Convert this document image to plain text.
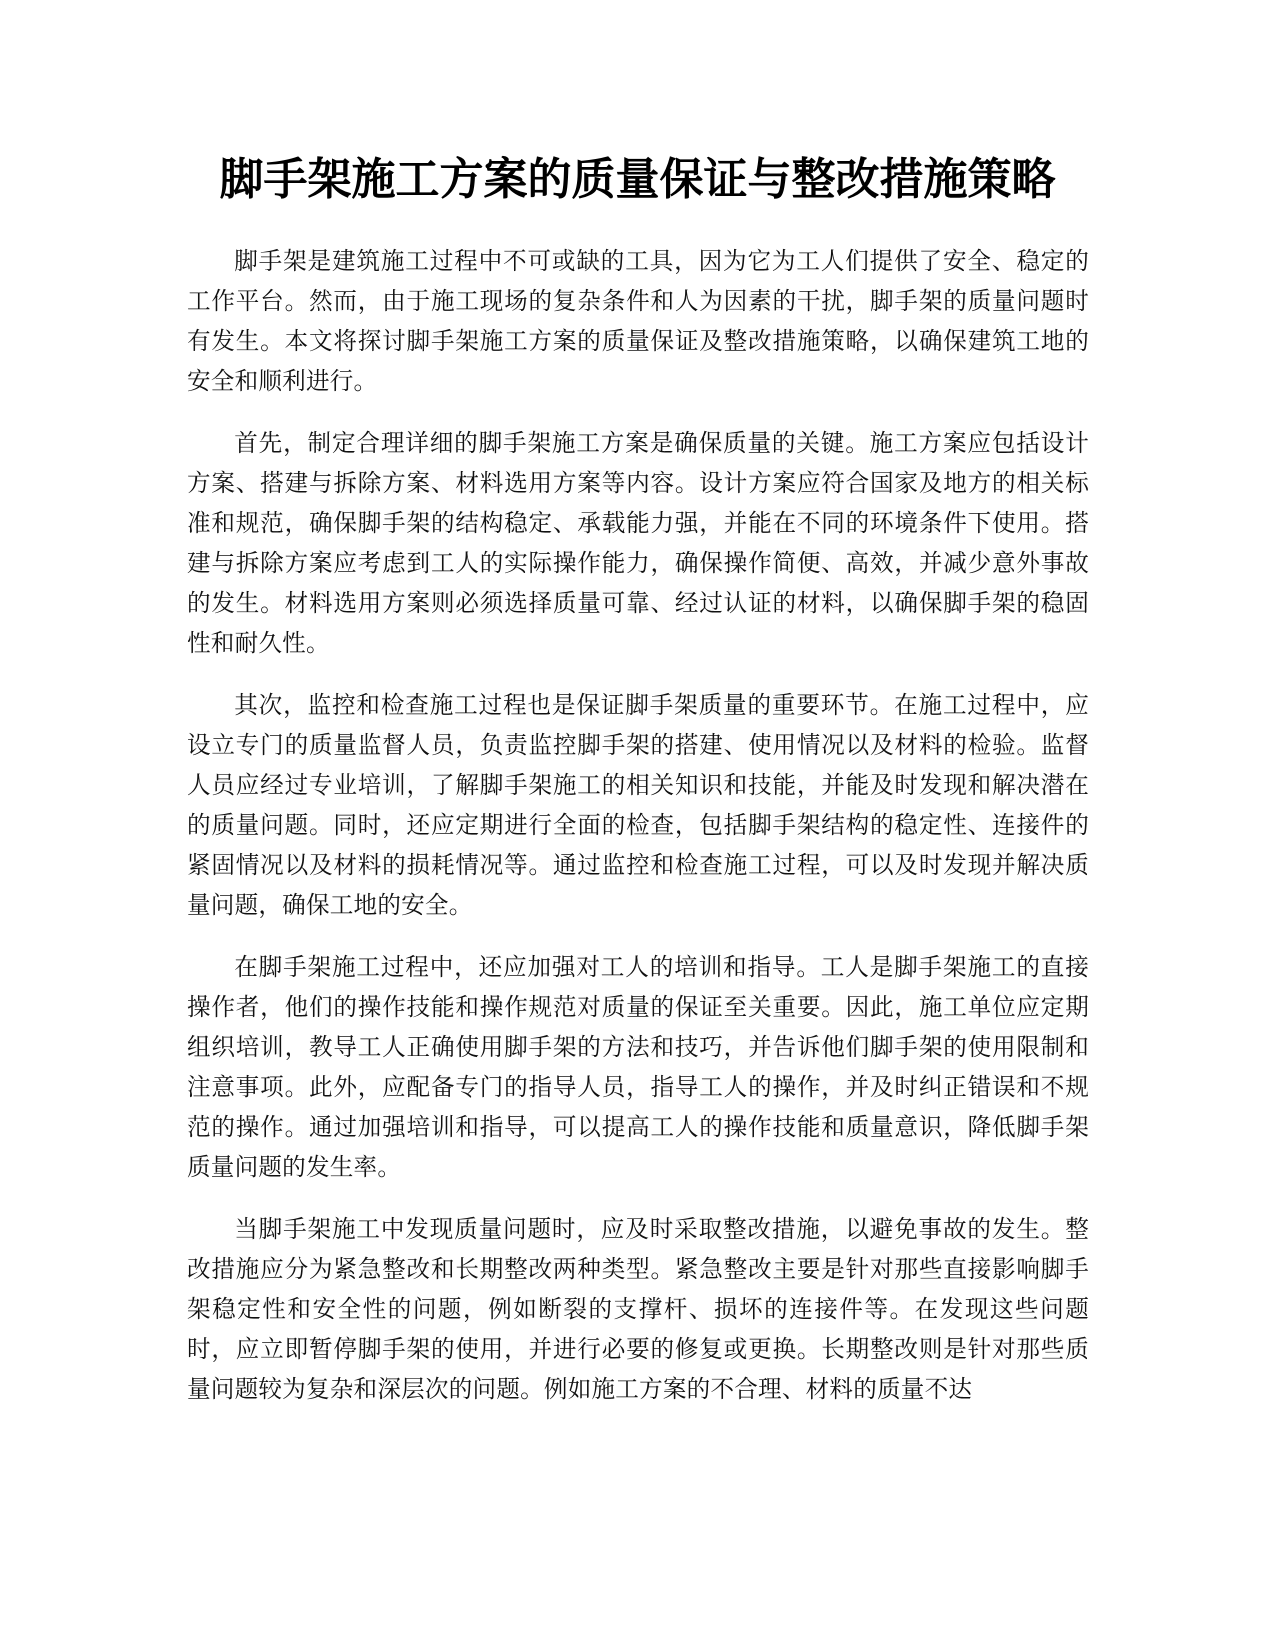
脚手架施工方案的质量保证与整改措施策略

脚手架是建筑施工过程中不可或缺的工具，因为它为工人们提供了安全、稳定的工作平台。然而，由于施工现场的复杂条件和人为因素的干扰，脚手架的质量问题时有发生。本文将探讨脚手架施工方案的质量保证及整改措施策略，以确保建筑工地的安全和顺利进行。

首先，制定合理详细的脚手架施工方案是确保质量的关键。施工方案应包括设计方案、搭建与拆除方案、材料选用方案等内容。设计方案应符合国家及地方的相关标准和规范，确保脚手架的结构稳定、承载能力强，并能在不同的环境条件下使用。搭建与拆除方案应考虑到工人的实际操作能力，确保操作简便、高效，并减少意外事故的发生。材料选用方案则必须选择质量可靠、经过认证的材料，以确保脚手架的稳固性和耐久性。

其次，监控和检查施工过程也是保证脚手架质量的重要环节。在施工过程中，应设立专门的质量监督人员，负责监控脚手架的搭建、使用情况以及材料的检验。监督人员应经过专业培训，了解脚手架施工的相关知识和技能，并能及时发现和解决潜在的质量问题。同时，还应定期进行全面的检查，包括脚手架结构的稳定性、连接件的紧固情况以及材料的损耗情况等。通过监控和检查施工过程，可以及时发现并解决质量问题，确保工地的安全。

在脚手架施工过程中，还应加强对工人的培训和指导。工人是脚手架施工的直接操作者，他们的操作技能和操作规范对质量的保证至关重要。因此，施工单位应定期组织培训，教导工人正确使用脚手架的方法和技巧，并告诉他们脚手架的使用限制和注意事项。此外，应配备专门的指导人员，指导工人的操作，并及时纠正错误和不规范的操作。通过加强培训和指导，可以提高工人的操作技能和质量意识，降低脚手架质量问题的发生率。

当脚手架施工中发现质量问题时，应及时采取整改措施，以避免事故的发生。整改措施应分为紧急整改和长期整改两种类型。紧急整改主要是针对那些直接影响脚手架稳定性和安全性的问题，例如断裂的支撑杆、损坏的连接件等。在发现这些问题时，应立即暂停脚手架的使用，并进行必要的修复或更换。长期整改则是针对那些质量问题较为复杂和深层次的问题。例如施工方案的不合理、材料的质量不达
